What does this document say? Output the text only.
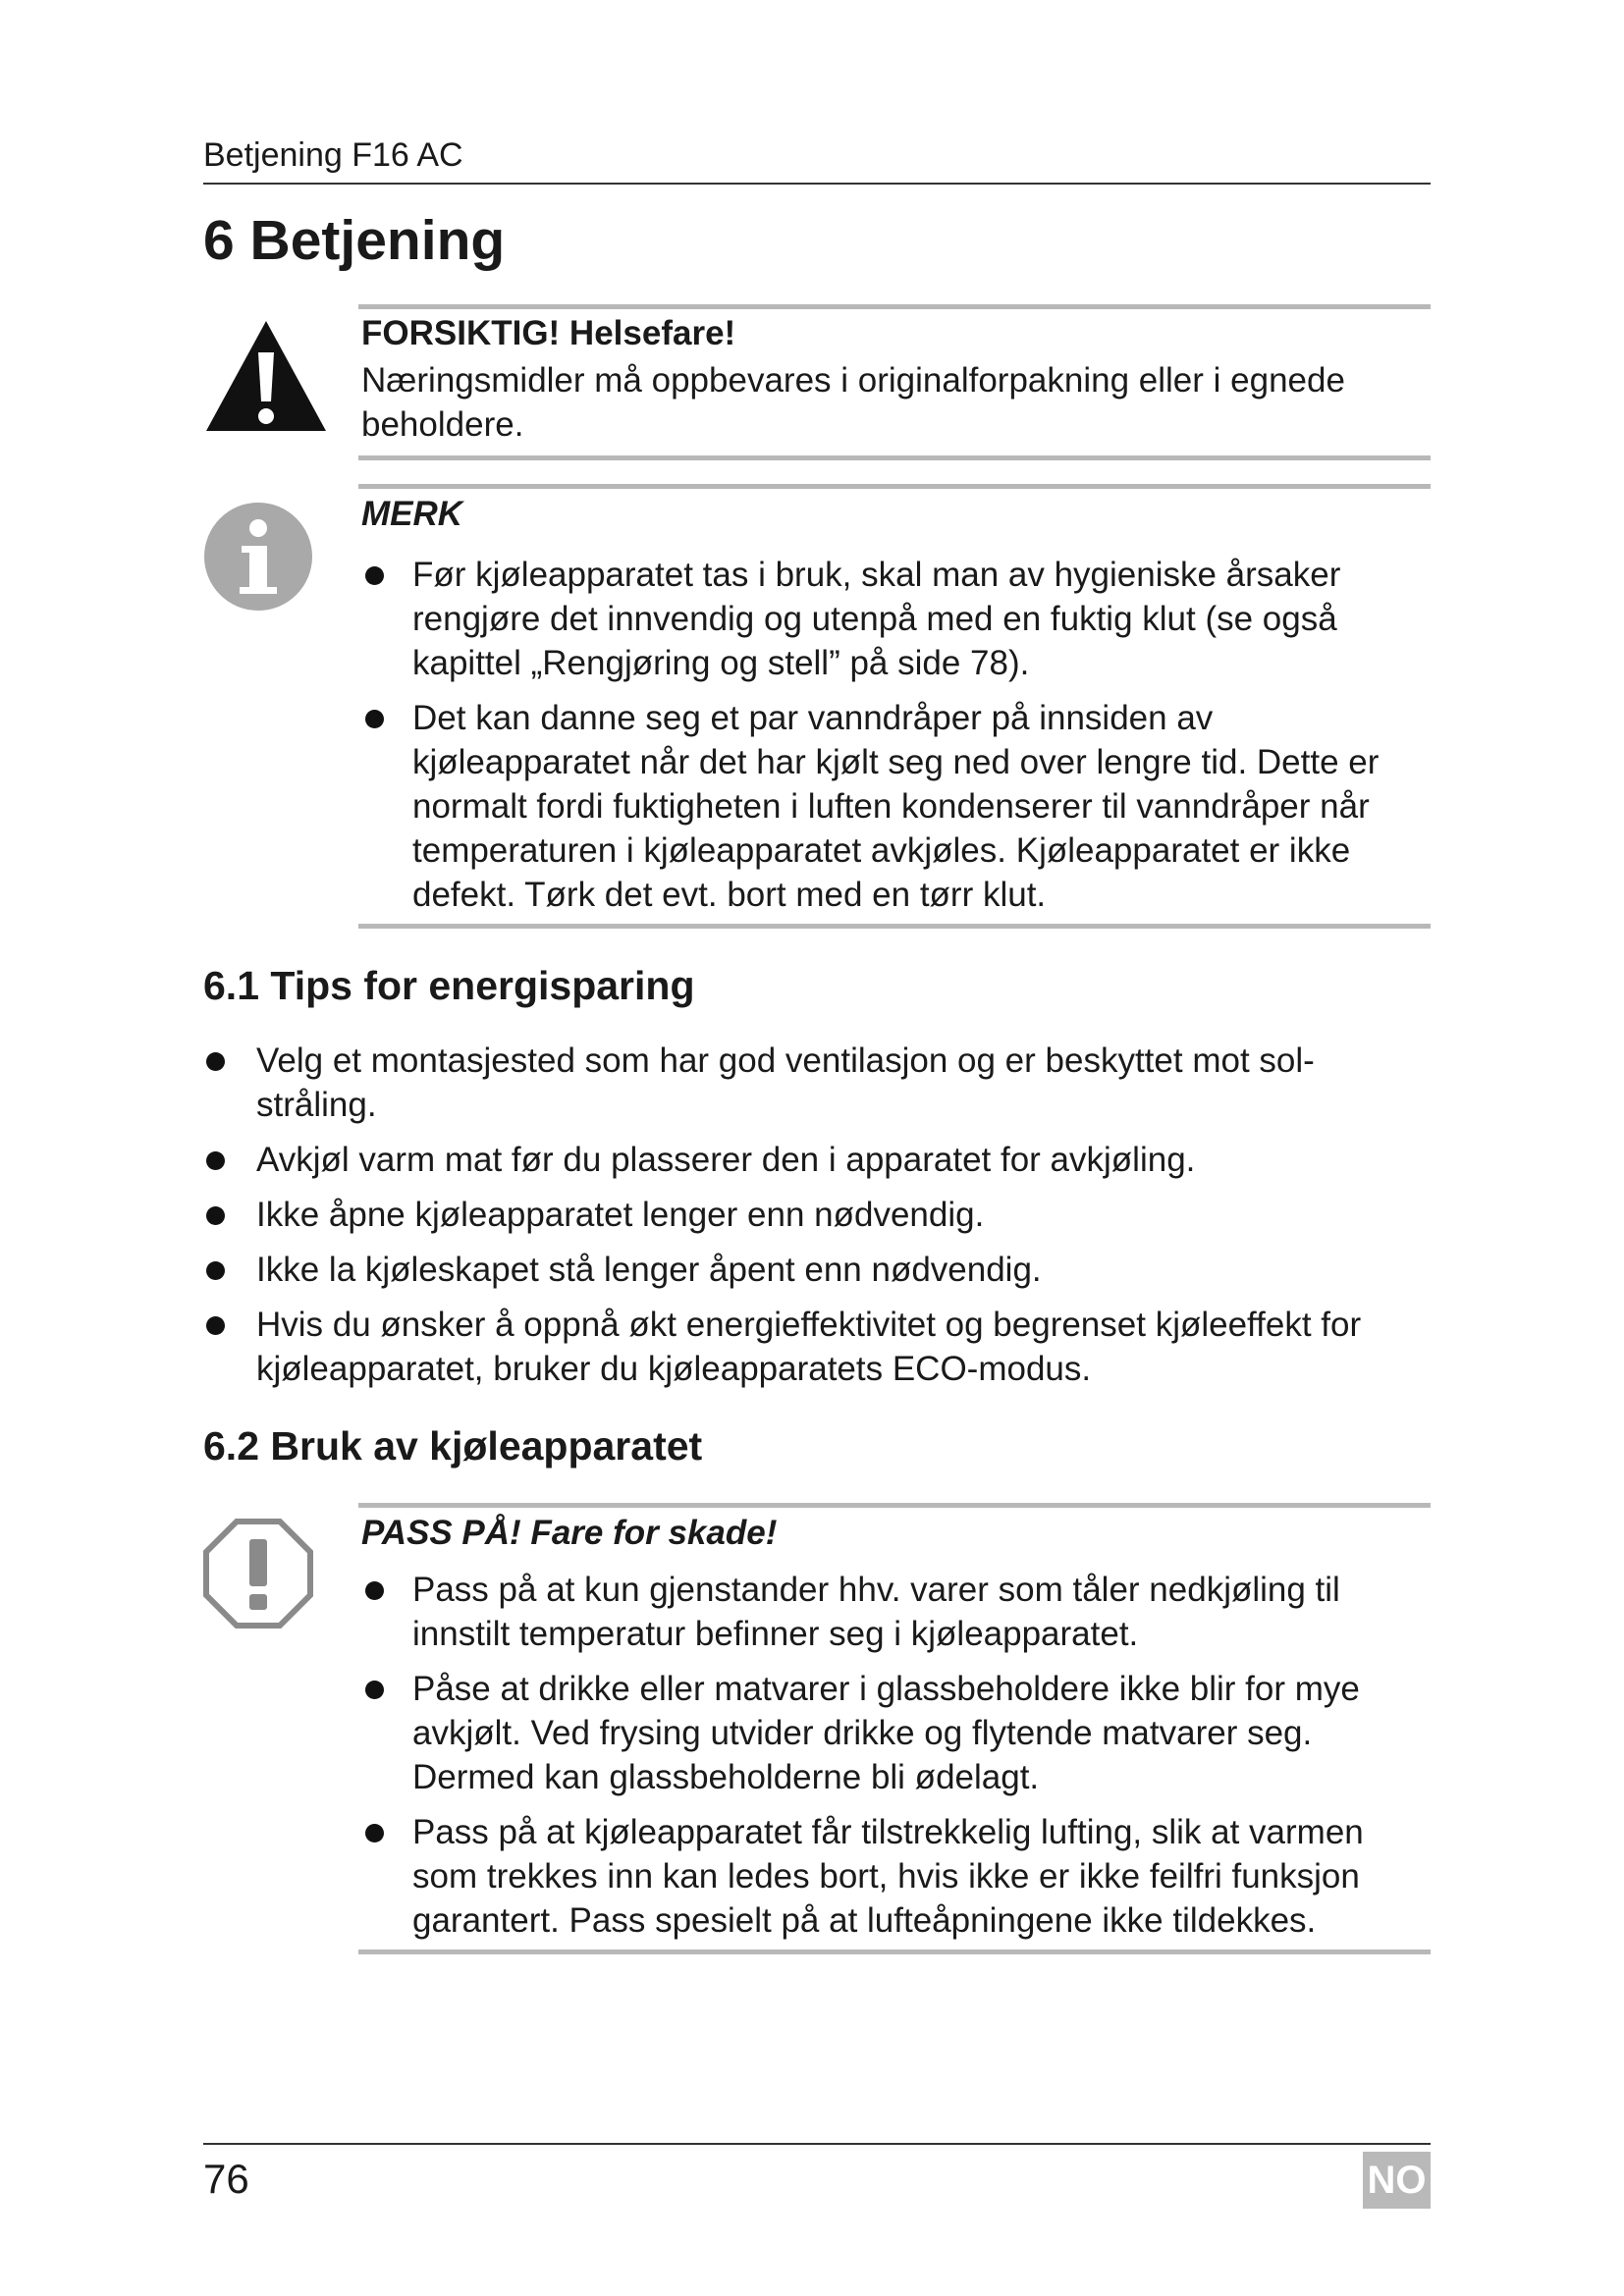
Betjening F16 AC
6 Betjening
FORSIKTIG! Helsefare!

Næringsmidler må oppbevares i originalforpakning eller i egnede beholdere.

MERK
Før kjøleapparatet tas i bruk, skal man av hygieniske årsaker rengjøre det innvendig og utenpå med en fuktig klut (se også kapittel „Rengjøring og stell” på side 78).
Det kan danne seg et par vanndråper på innsiden av kjøleapparatet når det har kjølt seg ned over lengre tid. Dette er normalt fordi fuktigheten i luften kondenserer til vanndråper når temperaturen i kjøleapparatet avkjøles. Kjøleapparatet er ikke defekt. Tørk det evt. bort med en tørr klut.
6.1 Tips for energisparing
Velg et montasjested som har god ventilasjon og er beskyttet mot sol-
stråling.
Avkjøl varm mat før du plasserer den i apparatet for avkjøling.
Ikke åpne kjøleapparatet lenger enn nødvendig.
Ikke la kjøleskapet stå lenger åpent enn nødvendig.
Hvis du ønsker å oppnå økt energieffektivitet og begrenset kjøleeffekt for kjøleapparatet, bruker du kjøleapparatets ECO-modus.
6.2 Bruk av kjøleapparatet
PASS PÅ! Fare for skade!
Pass på at kun gjenstander hhv. varer som tåler nedkjøling til innstilt temperatur befinner seg i kjøleapparatet.
Påse at drikke eller matvarer i glassbeholdere ikke blir for mye avkjølt. Ved frysing utvider drikke og flytende matvarer seg. Dermed kan glassbeholderne bli ødelagt.
Pass på at kjøleapparatet får tilstrekkelig lufting, slik at varmen som trekkes inn kan ledes bort, hvis ikke er ikke feilfri funksjon garantert. Pass spesielt på at lufteåpningene ikke tildekkes.
76	NO
